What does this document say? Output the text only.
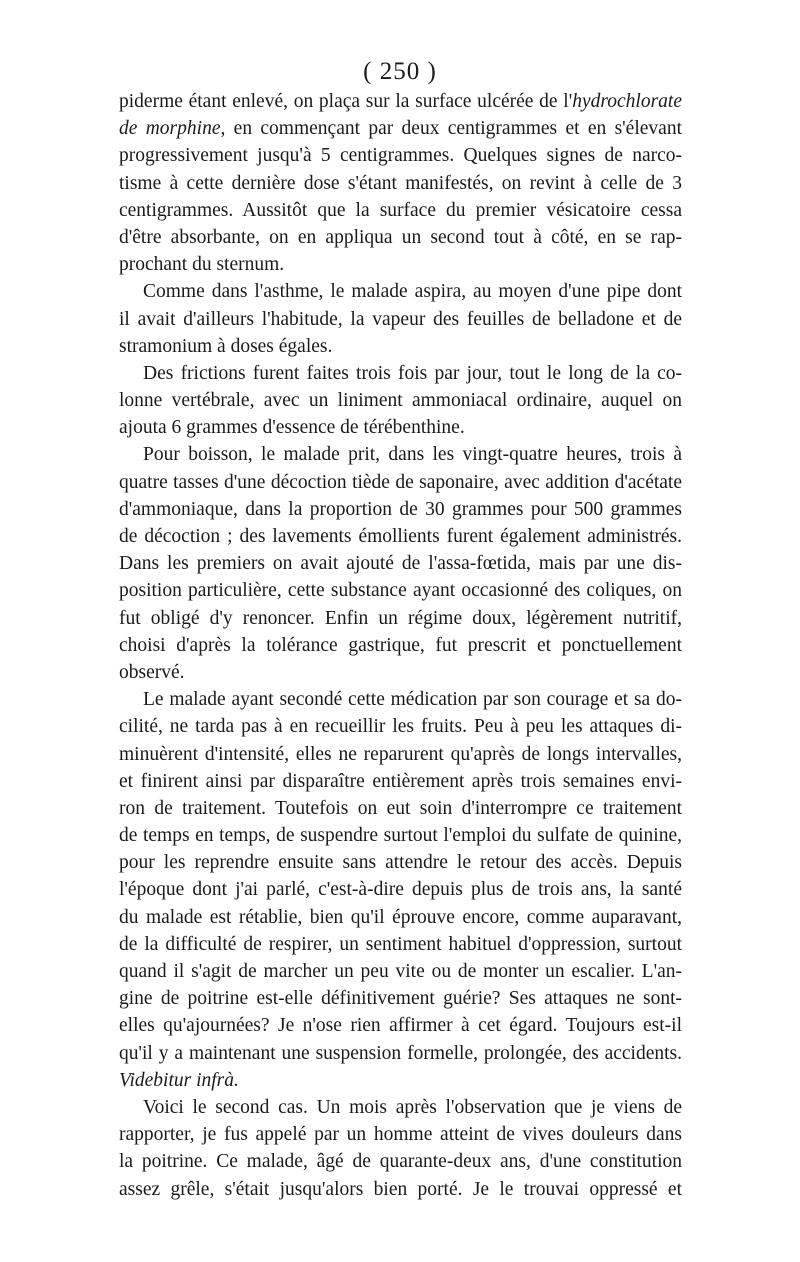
( 250 )
piderme étant enlevé, on plaça sur la surface ulcérée de l'hydrochlorate
de morphine, en commençant par deux centigrammes et en s'élevant
progressivement jusqu'à 5 centigrammes. Quelques signes de narco-
tisme à cette dernière dose s'étant manifestés, on revint à celle de 3
centigrammes. Aussitôt que la surface du premier vésicatoire cessa
d'être absorbante, on en appliqua un second tout à côté, en se rap-
prochant du sternum.
Comme dans l'asthme, le malade aspira, au moyen d'une pipe dont
il avait d'ailleurs l'habitude, la vapeur des feuilles de belladone et de
stramonium à doses égales.
Des frictions furent faites trois fois par jour, tout le long de la co-
lonne vertébrale, avec un liniment ammoniacal ordinaire, auquel on
ajouta 6 grammes d'essence de térébenthine.
Pour boisson, le malade prit, dans les vingt-quatre heures, trois à
quatre tasses d'une décoction tiède de saponaire, avec addition d'acétate
d'ammoniaque, dans la proportion de 30 grammes pour 500 grammes
de décoction ; des lavements émollients furent également administrés.
Dans les premiers on avait ajouté de l'assa-fœtida, mais par une dis-
position particulière, cette substance ayant occasionné des coliques, on
fut obligé d'y renoncer. Enfin un régime doux, légèrement nutritif,
choisi d'après la tolérance gastrique, fut prescrit et ponctuellement
observé.
Le malade ayant secondé cette médication par son courage et sa do-
cilité, ne tarda pas à en recueillir les fruits. Peu à peu les attaques di-
minuèrent d'intensité, elles ne reparurent qu'après de longs intervalles,
et finirent ainsi par disparaître entièrement après trois semaines envi-
ron de traitement. Toutefois on eut soin d'interrompre ce traitement
de temps en temps, de suspendre surtout l'emploi du sulfate de quinine,
pour les reprendre ensuite sans attendre le retour des accès. Depuis
l'époque dont j'ai parlé, c'est-à-dire depuis plus de trois ans, la santé
du malade est rétablie, bien qu'il éprouve encore, comme auparavant,
de la difficulté de respirer, un sentiment habituel d'oppression, surtout
quand il s'agit de marcher un peu vite ou de monter un escalier. L'an-
gine de poitrine est-elle définitivement guérie? Ses attaques ne sont-
elles qu'ajournées? Je n'ose rien affirmer à cet égard. Toujours est-il
qu'il y a maintenant une suspension formelle, prolongée, des accidents.
Videbitur infrà.
Voici le second cas. Un mois après l'observation que je viens de
rapporter, je fus appelé par un homme atteint de vives douleurs dans
la poitrine. Ce malade, âgé de quarante-deux ans, d'une constitution
assez grêle, s'était jusqu'alors bien porté. Je le trouvai oppressé et
